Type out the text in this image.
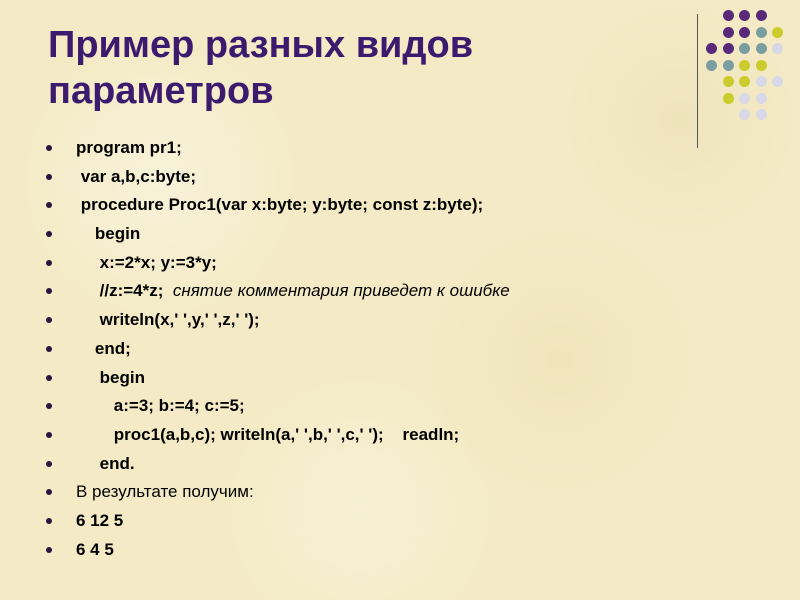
Пример разных видов параметров
program pr1;
var a,b,c:byte;
procedure Proc1(var x:byte; y:byte; const z:byte);
begin
x:=2*x; y:=3*y;
//z:=4*z;  снятие комментария приведет к ошибке
writeln(x,' ',y,' ',z,' ');
end;
begin
a:=3; b:=4; c:=5;
proc1(a,b,c); writeln(a,' ',b,' ',c,' ');    readln;
end.
В результате получим:
6 12 5
6 4 5
